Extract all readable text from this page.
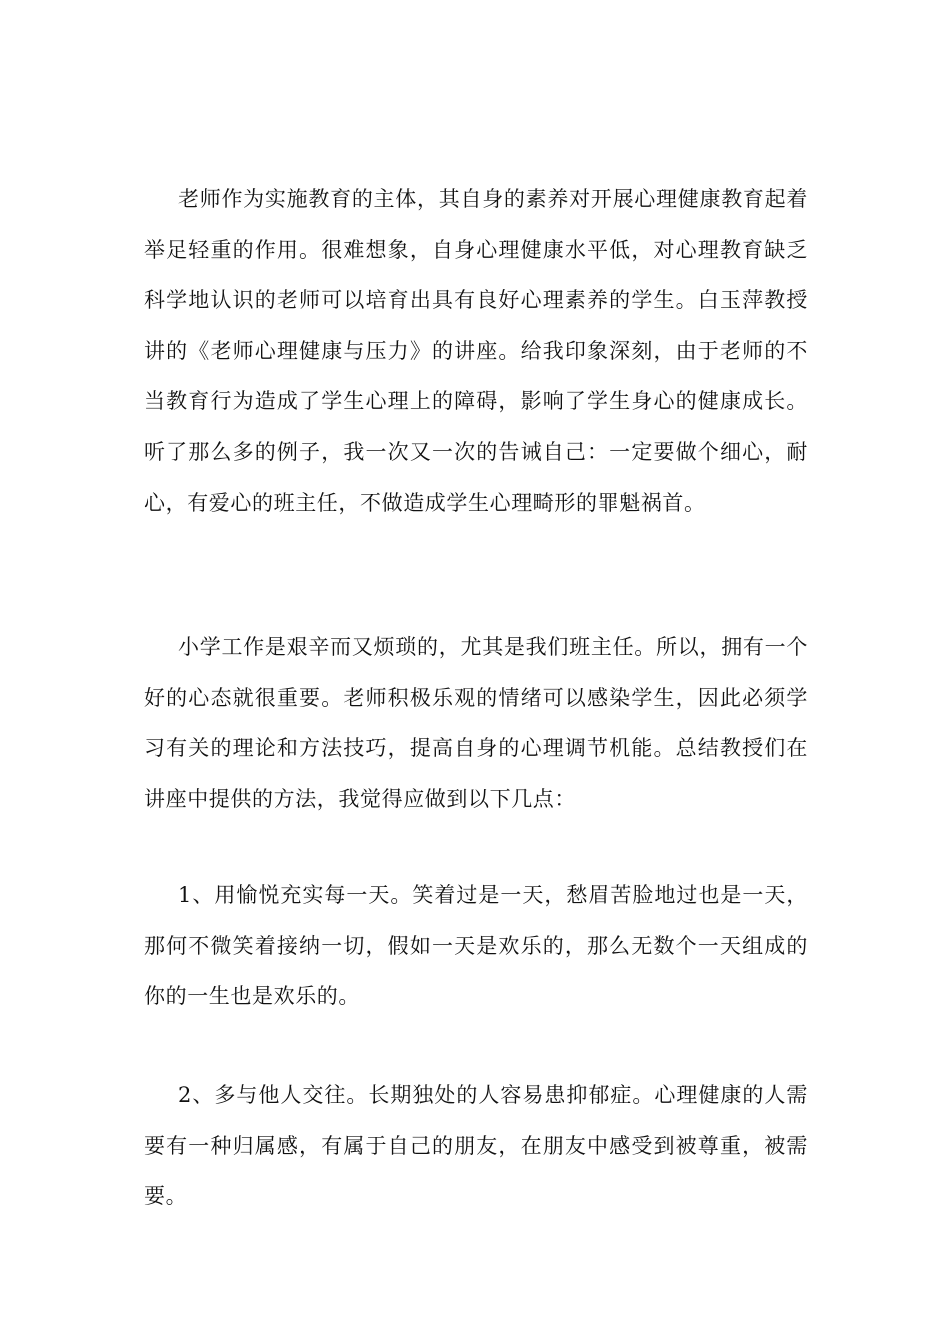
老师作为实施教育的主体，其自身的素养对开展心理健康教育起着举足轻重的作用。很难想象，自身心理健康水平低，对心理教育缺乏科学地认识的老师可以培育出具有良好心理素养的学生。白玉萍教授讲的《老师心理健康与压力》的讲座。给我印象深刻，由于老师的不当教育行为造成了学生心理上的障碍，影响了学生身心的健康成长。听了那么多的例子，我一次又一次的告诫自己：一定要做个细心，耐心，有爱心的班主任，不做造成学生心理畸形的罪魁祸首。

小学工作是艰辛而又烦琐的，尤其是我们班主任。所以，拥有一个好的心态就很重要。老师积极乐观的情绪可以感染学生，因此必须学习有关的理论和方法技巧，提高自身的心理调节机能。总结教授们在讲座中提供的方法，我觉得应做到以下几点：

1、用愉悦充实每一天。笑着过是一天，愁眉苦脸地过也是一天，那何不微笑着接纳一切，假如一天是欢乐的，那么无数个一天组成的你的一生也是欢乐的。

2、多与他人交往。长期独处的人容易患抑郁症。心理健康的人需要有一种归属感，有属于自己的朋友，在朋友中感受到被尊重，被需要。
